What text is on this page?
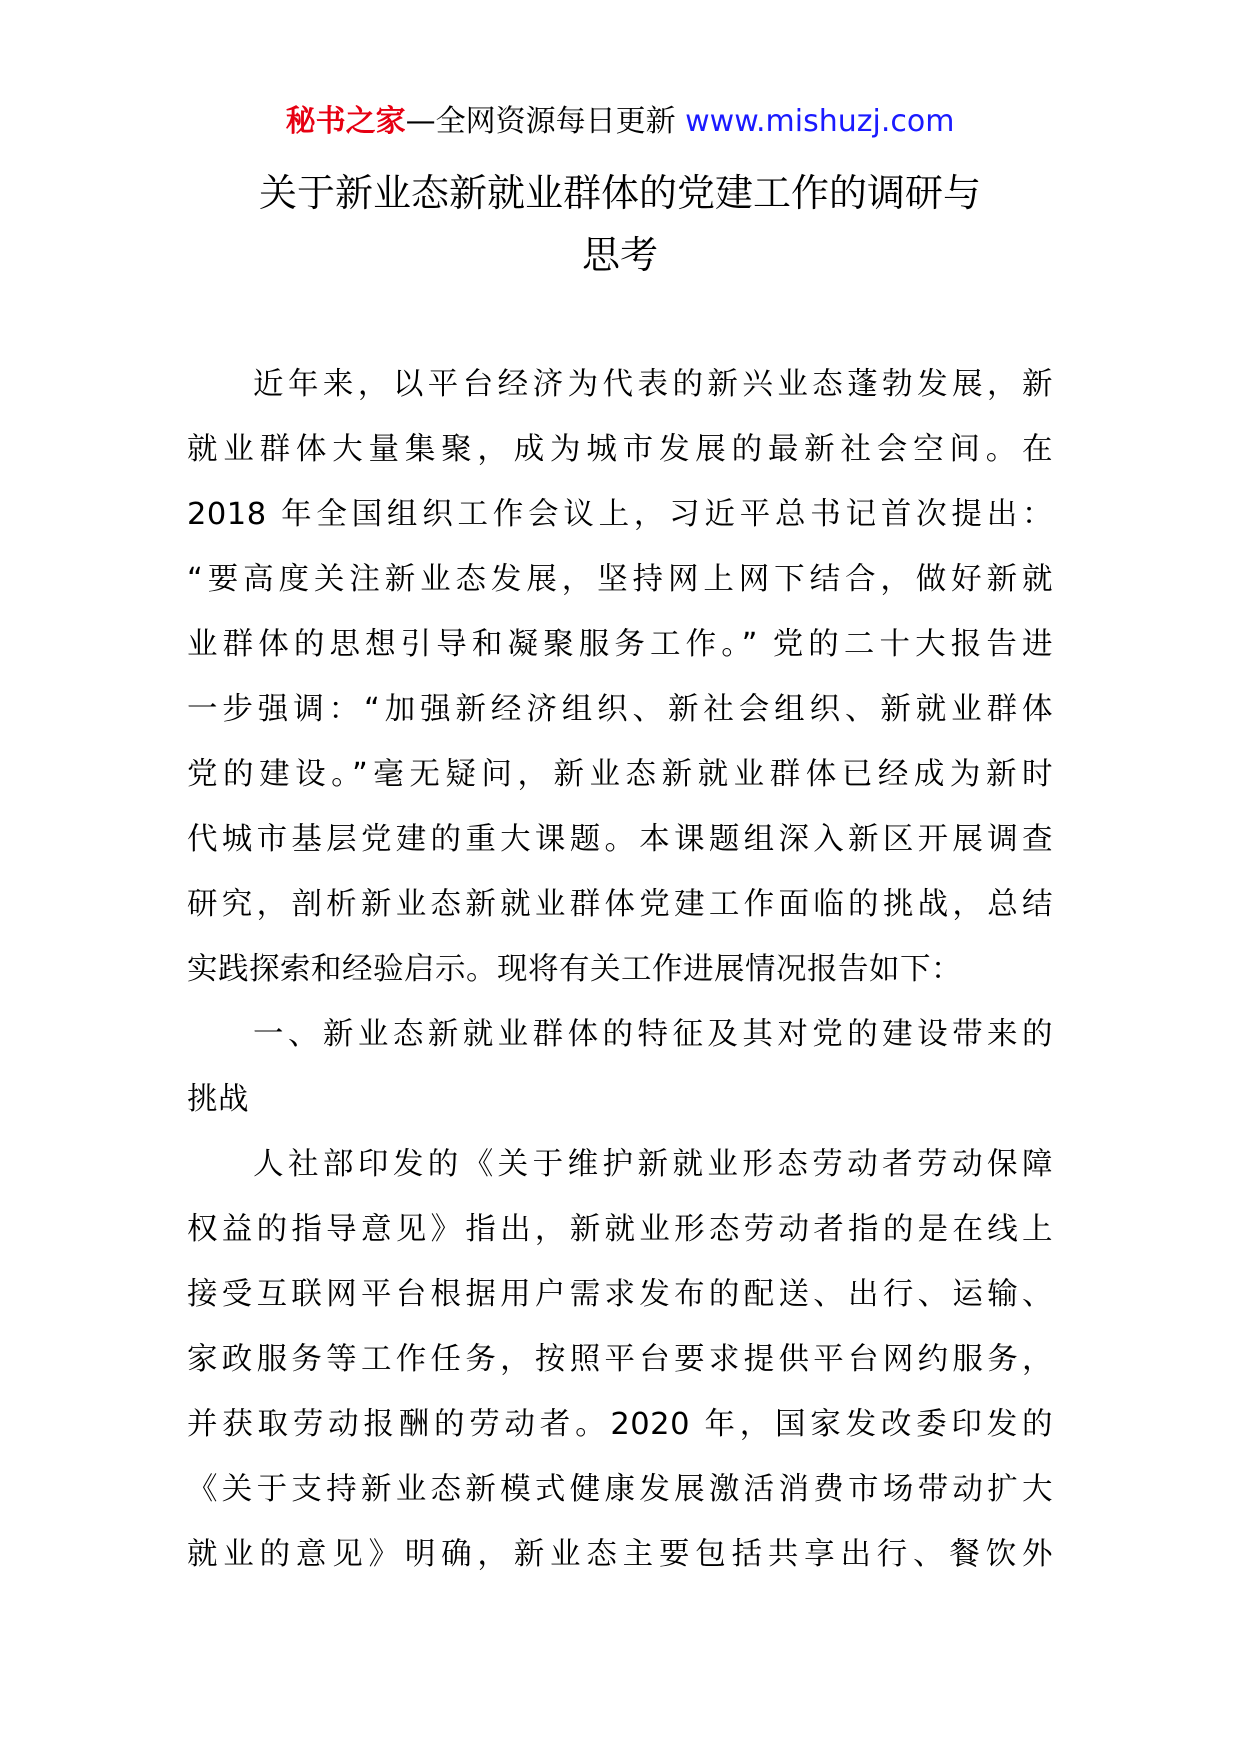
秘书之家—全网资源每日更新 www.mishuzj.com
关于新业态新就业群体的党建工作的调研与
思考
近年来，以平台经济为代表的新兴业态蓬勃发展，新
就业群体大量集聚，成为城市发展的最新社会空间。在
2018 年全国组织工作会议上，习近平总书记首次提出：
“要高度关注新业态发展，坚持网上网下结合，做好新就
业群体的思想引导和凝聚服务工作。” 党的二十大报告进
一步强调：“加强新经济组织、新社会组织、新就业群体
党的建设。”毫无疑问，新业态新就业群体已经成为新时
代城市基层党建的重大课题。本课题组深入新区开展调查
研究，剖析新业态新就业群体党建工作面临的挑战，总结
实践探索和经验启示。现将有关工作进展情况报告如下：
一、新业态新就业群体的特征及其对党的建设带来的
挑战
人社部印发的《关于维护新就业形态劳动者劳动保障
权益的指导意见》指出，新就业形态劳动者指的是在线上
接受互联网平台根据用户需求发布的配送、出行、运输、
家政服务等工作任务，按照平台要求提供平台网约服务，
并获取劳动报酬的劳动者。2020 年，国家发改委印发的
《关于支持新业态新模式健康发展激活消费市场带动扩大
就业的意见》明确，新业态主要包括共享出行、餐饮外
